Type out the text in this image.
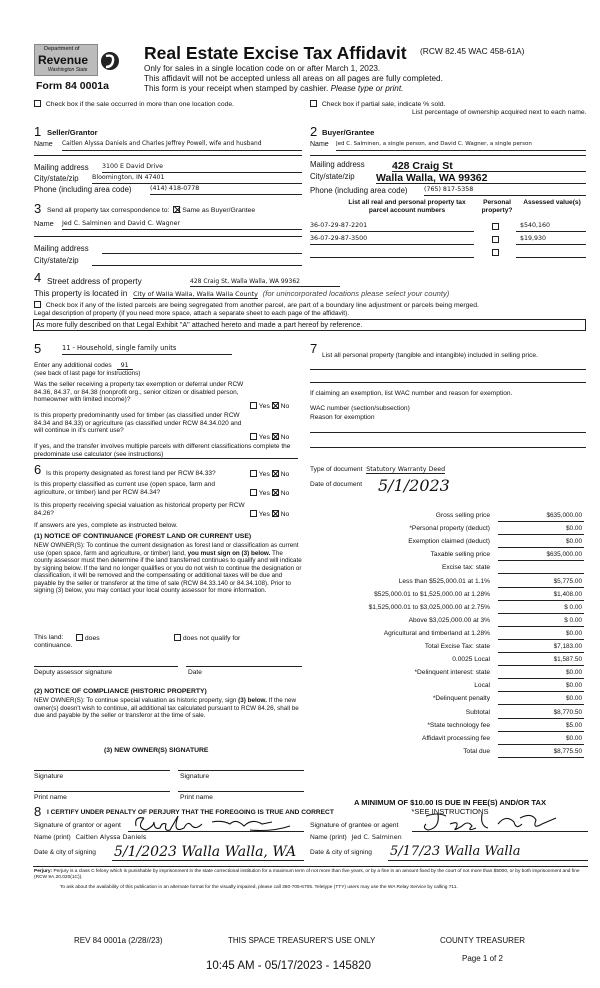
Department of
Revenue
Washington State
Form 84 0001a
Real Estate Excise Tax Affidavit (RCW 82.45 WAC 458-61A)
Only for sales in a single location code on or after March 1, 2023.
This affidavit will not be accepted unless all areas on all pages are fully completed.
This form is your receipt when stamped by cashier. Please type or print.
Check box if the sale occurred in more than one location code.	Check box if partial sale, indicate % sold.
List percentage of ownership acquired next to each name.
1 Seller/Grantor
Name Caitlen Alyssa Daniels and Charles Jeffrey Powell, wife and husband
2 Buyer/Grantee
Name Jed C. Salminen, a single person, and David C. Wagner, a single person
Mailing address 3100 E David Drive
City/state/zip Bloomington, IN 47401
Phone (including area code)	(414) 418-0778
Mailing address	428 Craig St
City/state/zip Walla Walla, WA 99362
Phone (including area code)	(765) 817-5358
3 Send all property tax correspondence to: Same as Buyer/Grantee
Name Jed C. Salminen and David C. Wagner
Mailing address
City/state/zip
List all real and personal property tax parcel account numbers
Personal property?
Assessed value(s)
36-07-29-87-2201	$540,160
36-07-29-87-3500	$19,930
4 Street address of property	428 Craig St, Walla Walla, WA 99362
This property is located in City of Walla Walla, Walla Walla County (for unincorporated locations please select your county)
Check box if any of the listed parcels are being segregated from another parcel, are part of a boundary line adjustment or parcels being merged.
Legal description of property (if you need more space, attach a separate sheet to each page of the affidavit).
As more fully described on that Legal Exhibit "A" attached hereto and made a part hereof by reference.
5	11 - Household, single family units
Enter any additional codes 91
(see back of last page for instructions)
Was the seller receiving a property tax exemption or deferral under RCW 84.36, 84.37, or 84.38 (nonprofit org., senior citizen or disabled person, homeowner with limited income)?
Yes No
Is this property predominantly used for timber (as classified under RCW 84.34 and 84.33) or agriculture (as classified under RCW 84.34.020 and will continue in it's current use?
Yes No
If yes, and the transfer involves multiple parcels with different classifications complete the predominate use calculator (see instructions)
6 Is this property designated as forest land per RCW 84.33?	Yes No
Is this property classified as current use (open space, farm and agriculture, or timber) land per RCW 84.34?	Yes No
Is this property receiving special valuation as historical property per RCW 84.26?	Yes No
If answers are yes, complete as instructed below.
(1) NOTICE OF CONTINUANCE (FOREST LAND OR CURRENT USE)
NEW OWNER(S): To continue the current designation as forest land or classification as current use (open space, farm and agriculture, or timber) land, you must sign on (3) below. The county assessor must then determine if the land transferred continues to qualify and will indicate by signing below. If the land no longer qualifies or you do not wish to continue the designation or classification, it will be removed and the compensating or additional taxes will be due and payable by the seller or transferor at the time of sale (RCW 84.33.140 or 84.34.108). Prior to signing (3) below, you may contact your local county assessor for more information.
This land:	does	does not qualify for
continuance.
Deputy assessor signature	Date
(2) NOTICE OF COMPLIANCE (HISTORIC PROPERTY)
NEW OWNER(S): To continue special valuation as historic property, sign (3) below. If the new owner(s) doesn't wish to continue, all additional tax calculated pursuant to RCW 84.26, shall be due and payable by the seller or transferor at the time of sale.
(3) NEW OWNER(S) SIGNATURE
Signature	Signature
Print name	Print name
7 List all personal property (tangible and intangible) included in selling price.
If claiming an exemption, list WAC number and reason for exemption.
WAC number (section/subsection)
Reason for exemption
Type of document Statutory Warranty Deed
Date of document 5/1/2023
Gross selling price	$635,000.00
*Personal property (deduct)	$0.00
Exemption claimed (deduct)	$0.00
Taxable selling price	$635,000.00
Excise tax: state
Less than $525,000.01 at 1.1%	$5,775.00
$525,000.01 to $1,525,000.00 at 1.28%	$1,408.00
$1,525,000.01 to $3,025,000.00 at 2.75%	$ 0.00
Above $3,025,000.00 at 3%	$ 0.00
Agricultural and timberland at 1.28%	$0.00
Total Excise Tax: state	$7,183.00
0.0025 Local	$1,587.50
*Delinquent interest: state	$0.00
Local	$0.00
*Delinquent penalty	$0.00
Subtotal	$8,770.50
*State technology fee	$5.00
Affidavit processing fee	$0.00
Total due	$8,775.50
A MINIMUM OF $10.00 IS DUE IN FEE(S) AND/OR TAX
*SEE INSTRUCTIONS
8 I CERTIFY UNDER PENALTY OF PERJURY THAT THE FOREGOING IS TRUE AND CORRECT
Signature of grantor or agent
Name (print) Caitlen Alyssa Daniels
Date & city of signing 5/1/2023 Walla Walla, WA
Signature of grantee or agent
Name (print) Jed C. Salminen
Date & city of signing 5/17/23 Walla Walla
Perjury: Perjury is a class C felony which is punishable by imprisonment in the state correctional institution for a maximum term of not more than five years, or by a fine in an amount fixed by the court of not more than $5000, or by both imprisonment and fine (RCW 9A.20.020(1C)).
To ask about the availability of this publication in an alternate format for the visually impaired, please call 360-705-6705. Teletype (TTY) users may use the WA Relay Service by calling 711.
REV 84 0001a (2/28//23)	THIS SPACE TREASURER'S USE ONLY	COUNTY TREASURER
Page 1 of 2
10:45 AM - 05/17/2023 - 145820
